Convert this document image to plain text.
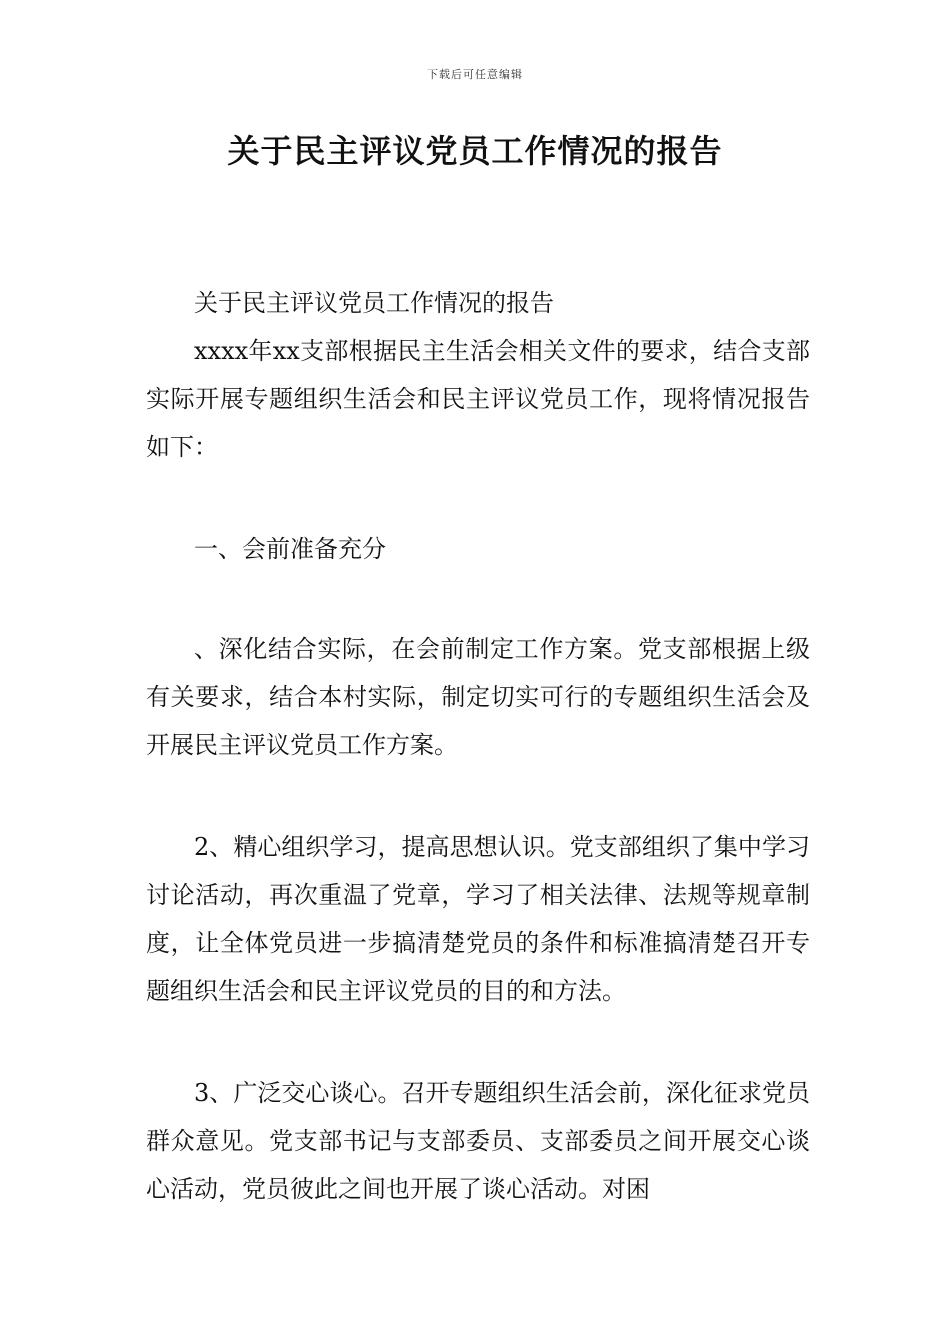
下载后可任意编辑
关于民主评议党员工作情况的报告

关于民主评议党员工作情况的报告

xxxx年xx支部根据民主生活会相关文件的要求，结合支部实际开展专题组织生活会和民主评议党员工作，现将情况报告如下：

一、会前准备充分

、深化结合实际，在会前制定工作方案。党支部根据上级有关要求，结合本村实际，制定切实可行的专题组织生活会及开展民主评议党员工作方案。

2、精心组织学习，提高思想认识。党支部组织了集中学习讨论活动，再次重温了党章，学习了相关法律、法规等规章制度，让全体党员进一步搞清楚党员的条件和标准搞清楚召开专题组织生活会和民主评议党员的目的和方法。

3、广泛交心谈心。召开专题组织生活会前，深化征求党员群众意见。党支部书记与支部委员、支部委员之间开展交心谈心活动，党员彼此之间也开展了谈心活动。对困
